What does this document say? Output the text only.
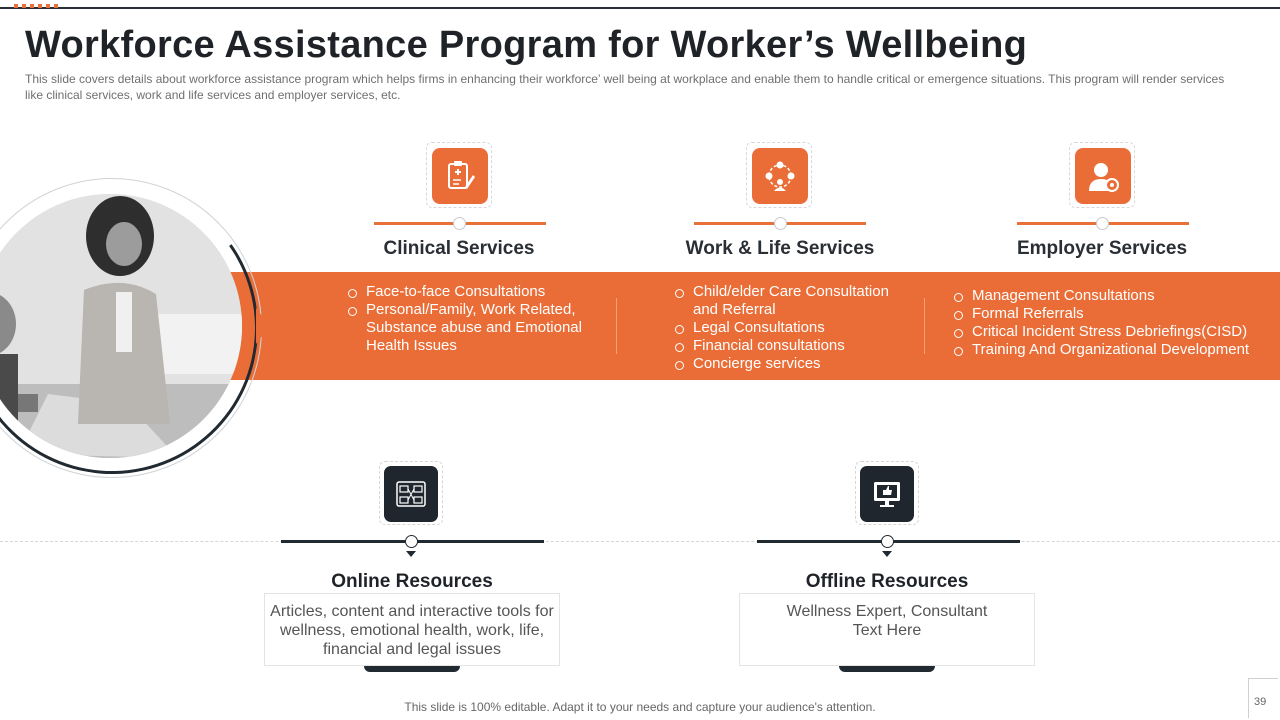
Workforce Assistance Program for Worker’s Wellbeing

This slide covers details about workforce assistance program which helps firms in enhancing their workforce’ well being at workplace and enable them to handle critical or emergence situations. This program will render services like clinical services, work and life services and employer services, etc.

Clinical Services
Face-to-face Consultations
Personal/Family, Work Related, Substance abuse and Emotional Health Issues
Work & Life Services
Child/elder Care Consultation and Referral
Legal Consultations
Financial consultations
Concierge services
Employer Services
Management Consultations
Formal Referrals
Critical Incident Stress Debriefings(CISD)
Training And Organizational Development
Online Resources
Articles, content and interactive tools for wellness, emotional health, work, life, financial and legal issues
Offline Resources
Wellness Expert, Consultant Text Here
This slide is 100% editable. Adapt it to your needs and capture your audience's attention.	39
